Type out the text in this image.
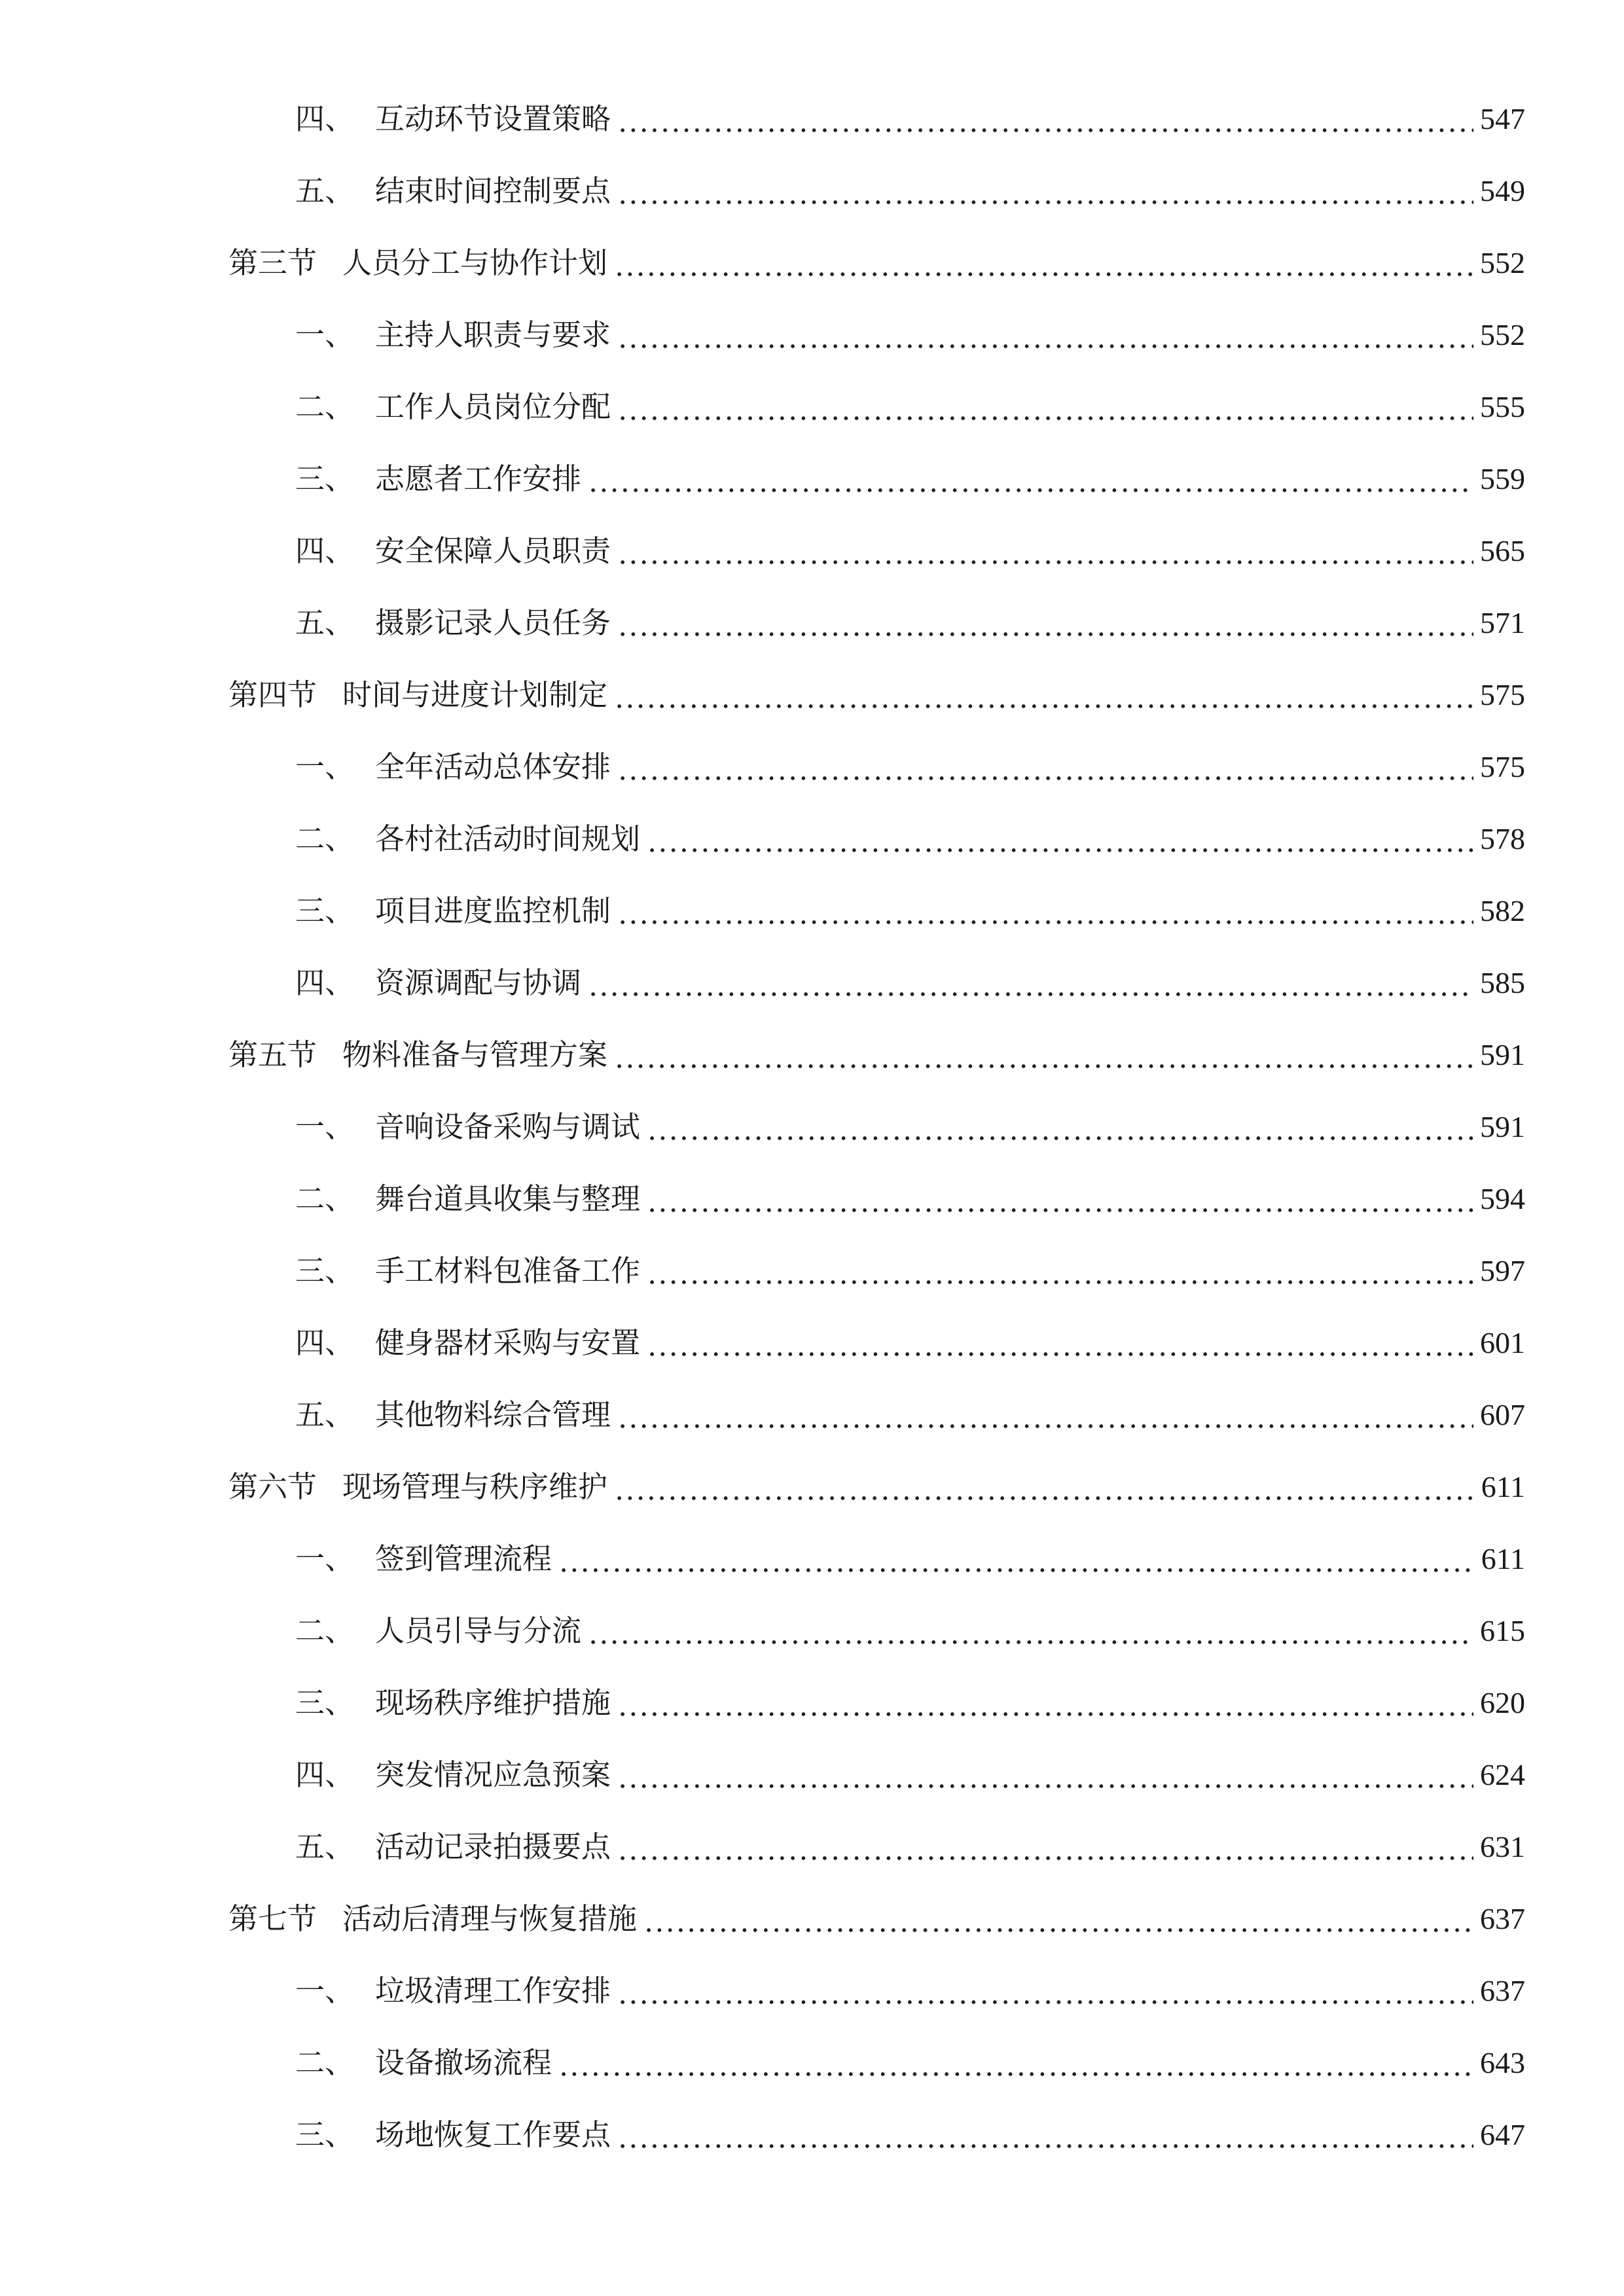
四、 互动环节设置策略	547
五、 结束时间控制要点	549
第三节 人员分工与协作计划	552
一、 主持人职责与要求	552
二、 工作人员岗位分配	555
三、 志愿者工作安排	559
四、 安全保障人员职责	565
五、 摄影记录人员任务	571
第四节 时间与进度计划制定	575
一、 全年活动总体安排	575
二、 各村社活动时间规划	578
三、 项目进度监控机制	582
四、 资源调配与协调	585
第五节 物料准备与管理方案	591
一、 音响设备采购与调试	591
二、 舞台道具收集与整理	594
三、 手工材料包准备工作	597
四、 健身器材采购与安置	601
五、 其他物料综合管理	607
第六节 现场管理与秩序维护	611
一、 签到管理流程	611
二、 人员引导与分流	615
三、 现场秩序维护措施	620
四、 突发情况应急预案	624
五、 活动记录拍摄要点	631
第七节 活动后清理与恢复措施	637
一、 垃圾清理工作安排	637
二、 设备撤场流程	643
三、 场地恢复工作要点	647
